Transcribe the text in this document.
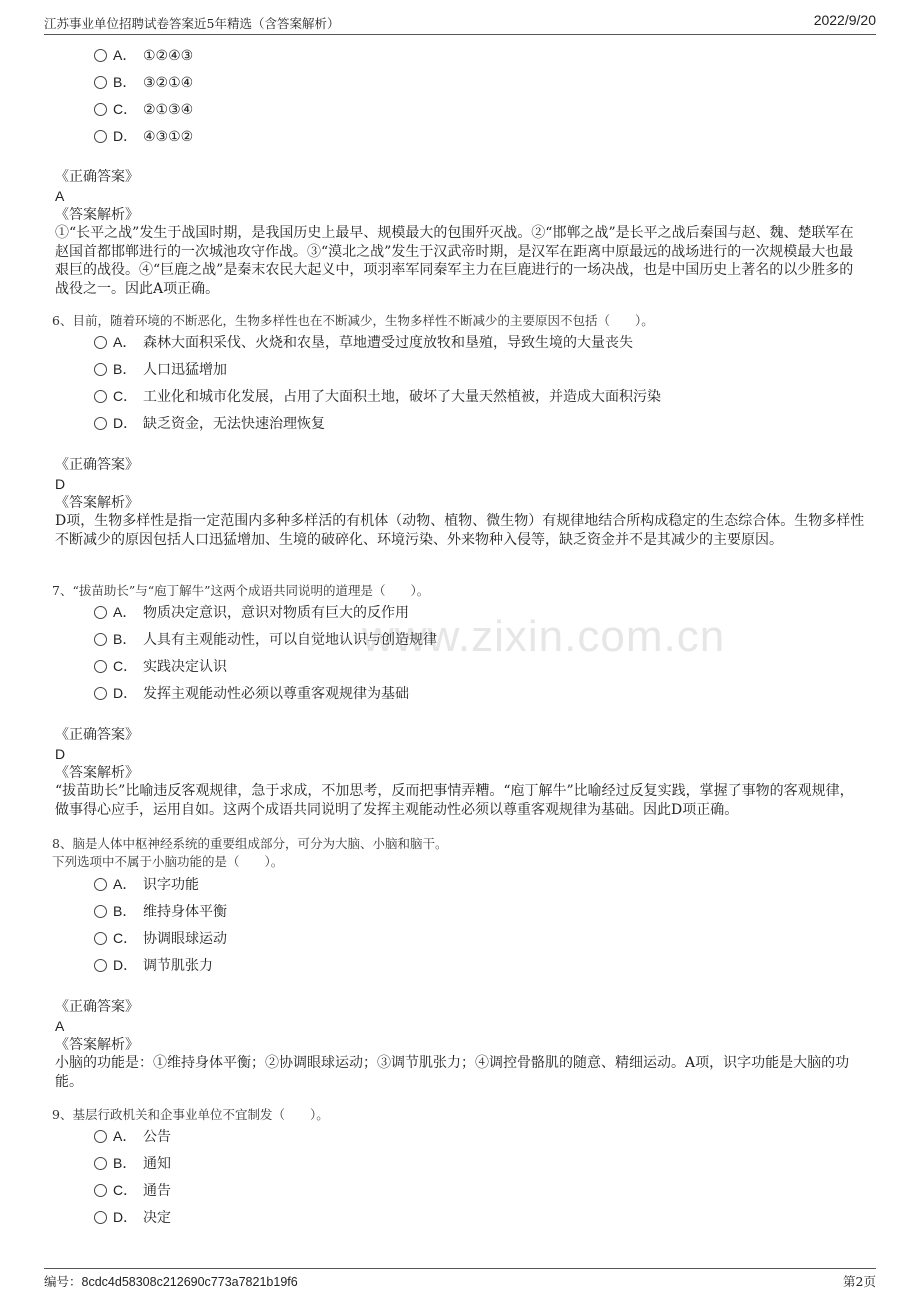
江苏事业单位招聘试卷答案近5年精选（含答案解析）	2022/9/20
www.zixin.com.cn
A． ①②④③
B． ③②①④
C． ②①③④
D． ④③①②
《正确答案》
A
《答案解析》
①“长平之战”发生于战国时期，是我国历史上最早、规模最大的包围歼灭战。②“邯郸之战”是长平之战后秦国与赵、魏、楚联军在赵国首都邯郸进行的一次城池攻守作战。③“漠北之战”发生于汉武帝时期，是汉军在距离中原最远的战场进行的一次规模最大也最艰巨的战役。④“巨鹿之战”是秦末农民大起义中，项羽率军同秦军主力在巨鹿进行的一场决战，也是中国历史上著名的以少胜多的战役之一。因此A项正确。
6、目前，随着环境的不断恶化，生物多样性也在不断减少，生物多样性不断减少的主要原因不包括（　　）。
A． 森林大面积采伐、火烧和农垦，草地遭受过度放牧和垦殖，导致生境的大量丧失
B． 人口迅猛增加
C． 工业化和城市化发展，占用了大面积土地，破坏了大量天然植被，并造成大面积污染
D． 缺乏资金，无法快速治理恢复
《正确答案》
D
《答案解析》
D项，生物多样性是指一定范围内多种多样活的有机体（动物、植物、微生物）有规律地结合所构成稳定的生态综合体。生物多样性不断减少的原因包括人口迅猛增加、生境的破碎化、环境污染、外来物种入侵等，缺乏资金并不是其减少的主要原因。
7、“拔苗助长”与“庖丁解牛”这两个成语共同说明的道理是（　　）。
A． 物质决定意识，意识对物质有巨大的反作用
B． 人具有主观能动性，可以自觉地认识与创造规律
C． 实践决定认识
D． 发挥主观能动性必须以尊重客观规律为基础
《正确答案》
D
《答案解析》
“拔苗助长”比喻违反客观规律，急于求成，不加思考，反而把事情弄糟。“庖丁解牛”比喻经过反复实践，掌握了事物的客观规律，做事得心应手，运用自如。这两个成语共同说明了发挥主观能动性必须以尊重客观规律为基础。因此D项正确。
8、脑是人体中枢神经系统的重要组成部分，可分为大脑、小脑和脑干。
下列选项中不属于小脑功能的是（　　）。
A． 识字功能
B． 维持身体平衡
C． 协调眼球运动
D． 调节肌张力
《正确答案》
A
《答案解析》
小脑的功能是：①维持身体平衡；②协调眼球运动；③调节肌张力；④调控骨骼肌的随意、精细运动。A项，识字功能是大脑的功能。
9、基层行政机关和企事业单位不宜制发（　　）。
A． 公告
B． 通知
C． 通告
D． 决定
编号：8cdc4d58308c212690c773a7821b19f6	第2页
